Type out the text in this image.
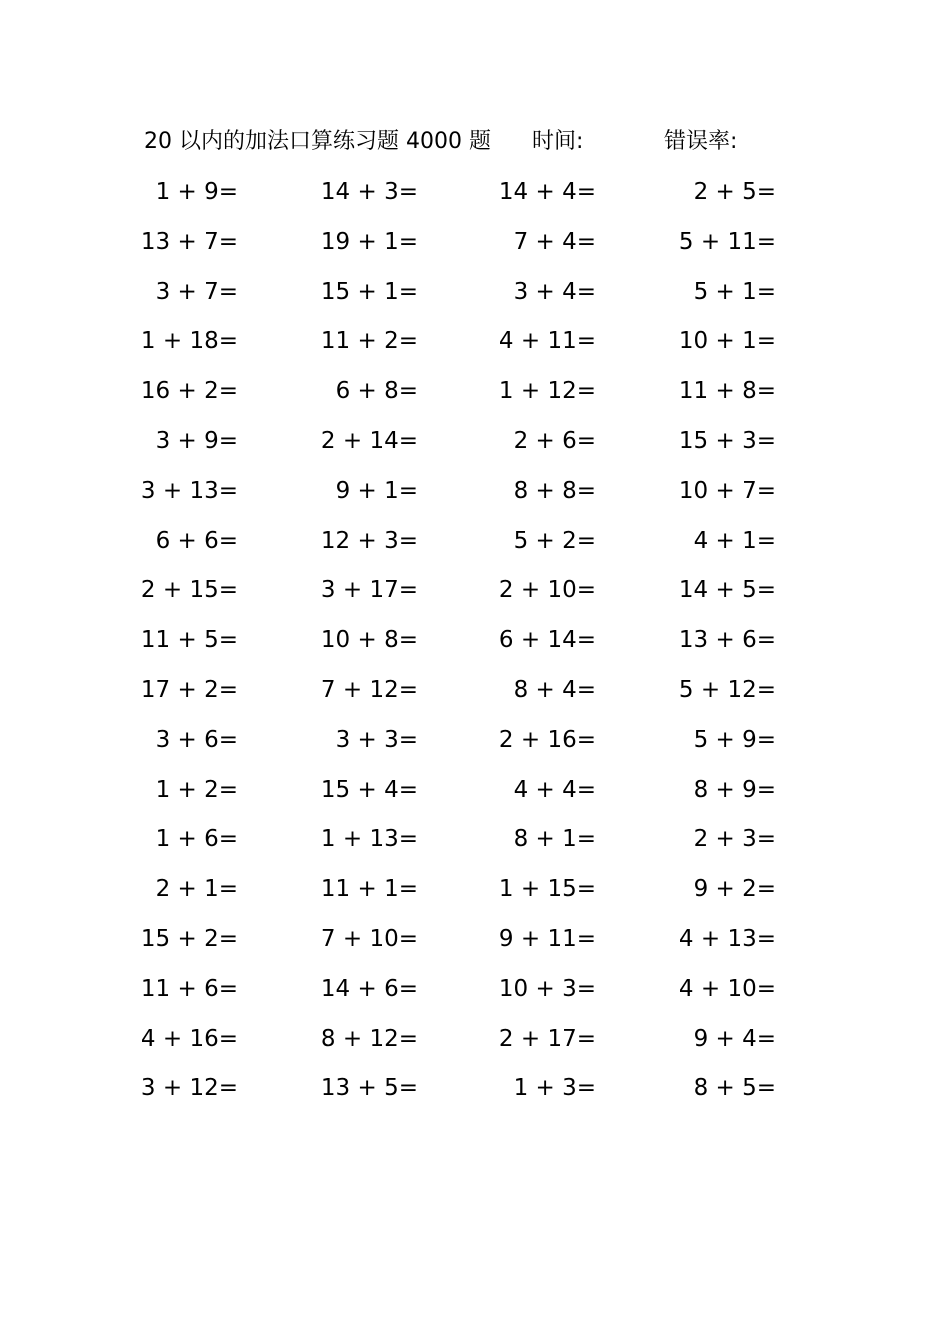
20 以内的加法口算练习题 4000 题 时间:	错误率:
1 + 9=	14 + 3=	14 + 4=	2 + 5=
13 + 7=	19 + 1=	7 + 4=	5 + 11=
3 + 7=	15 + 1=	3 + 4=	5 + 1=
1 + 18=	11 + 2=	4 + 11=	10 + 1=
16 + 2=	6 + 8=	1 + 12=	11 + 8=
3 + 9=	2 + 14=	2 + 6=	15 + 3=
3 + 13=	9 + 1=	8 + 8=	10 + 7=
6 + 6=	12 + 3=	5 + 2=	4 + 1=
2 + 15=	3 + 17=	2 + 10=	14 + 5=
11 + 5=	10 + 8=	6 + 14=	13 + 6=
17 + 2=	7 + 12=	8 + 4=	5 + 12=
3 + 6=	3 + 3=	2 + 16=	5 + 9=
1 + 2=	15 + 4=	4 + 4=	8 + 9=
1 + 6=	1 + 13=	8 + 1=	2 + 3=
2 + 1=	11 + 1=	1 + 15=	9 + 2=
15 + 2=	7 + 10=	9 + 11=	4 + 13=
11 + 6=	14 + 6=	10 + 3=	4 + 10=
4 + 16=	8 + 12=	2 + 17=	9 + 4=
3 + 12=	13 + 5=	1 + 3=	8 + 5=
